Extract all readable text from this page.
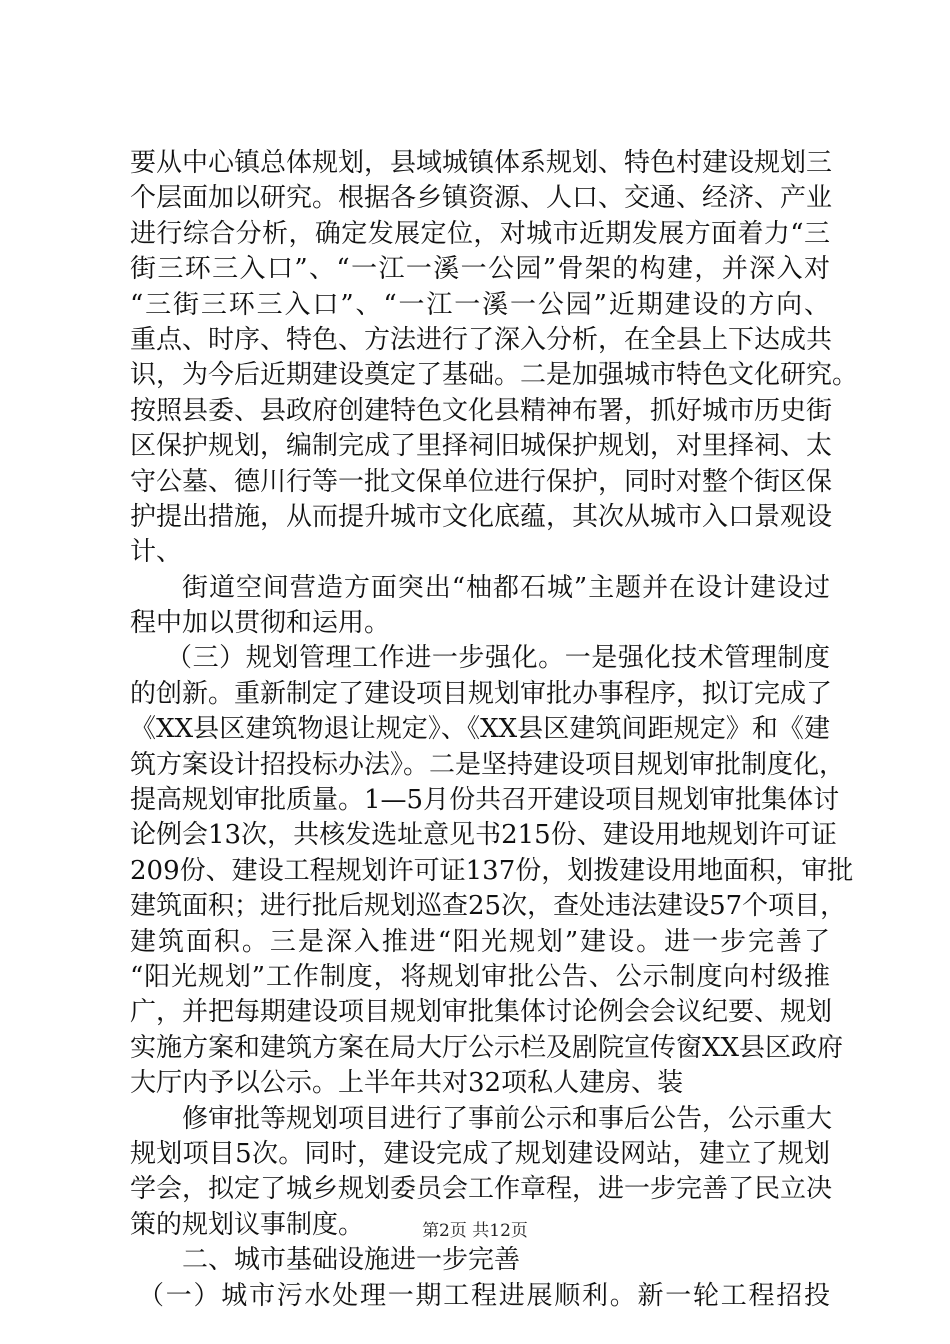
要从中心镇总体规划，县域城镇体系规划、特色村建设规划三
个层面加以研究。根据各乡镇资源、人口、交通、经济、产业
进行综合分析，确定发展定位，对城市近期发展方面着力“三
街三环三入口”、“一江一溪一公园”骨架的构建，并深入对
“三街三环三入口”、“一江一溪一公园”近期建设的方向、
重点、时序、特色、方法进行了深入分析，在全县上下达成共
识，为今后近期建设奠定了基础。二是加强城市特色文化研究。
按照县委、县政府创建特色文化县精神布署，抓好城市历史街
区保护规划，编制完成了里择祠旧城保护规划，对里择祠、太
守公墓、德川行等一批文保单位进行保护，同时对整个街区保
护提出措施，从而提升城市文化底蕴，其次从城市入口景观设
计、
街道空间营造方面突出“柚都石城”主题并在设计建设过
程中加以贯彻和运用。
（三）规划管理工作进一步强化。一是强化技术管理制度
的创新。重新制定了建设项目规划审批办事程序，拟订完成了
《XX县区建筑物退让规定》、《XX县区建筑间距规定》和《建
筑方案设计招投标办法》。二是坚持建设项目规划审批制度化，
提高规划审批质量。1—5月份共召开建设项目规划审批集体讨
论例会13次，共核发选址意见书215份、建设用地规划许可证
209份、建设工程规划许可证137份，划拨建设用地面积，审批
建筑面积；进行批后规划巡查25次，查处违法建设57个项目，
建筑面积。三是深入推进“阳光规划”建设。进一步完善了
“阳光规划”工作制度，将规划审批公告、公示制度向村级推
广，并把每期建设项目规划审批集体讨论例会会议纪要、规划
实施方案和建筑方案在局大厅公示栏及剧院宣传窗XX县区政府
大厅内予以公示。上半年共对32项私人建房、装
修审批等规划项目进行了事前公示和事后公告，公示重大
规划项目5次。同时，建设完成了规划建设网站，建立了规划
学会，拟定了城乡规划委员会工作章程，进一步完善了民立决
策的规划议事制度。
二、城市基础设施进一步完善
（一）城市污水处理一期工程进展顺利。新一轮工程招投
第2页 共12页
